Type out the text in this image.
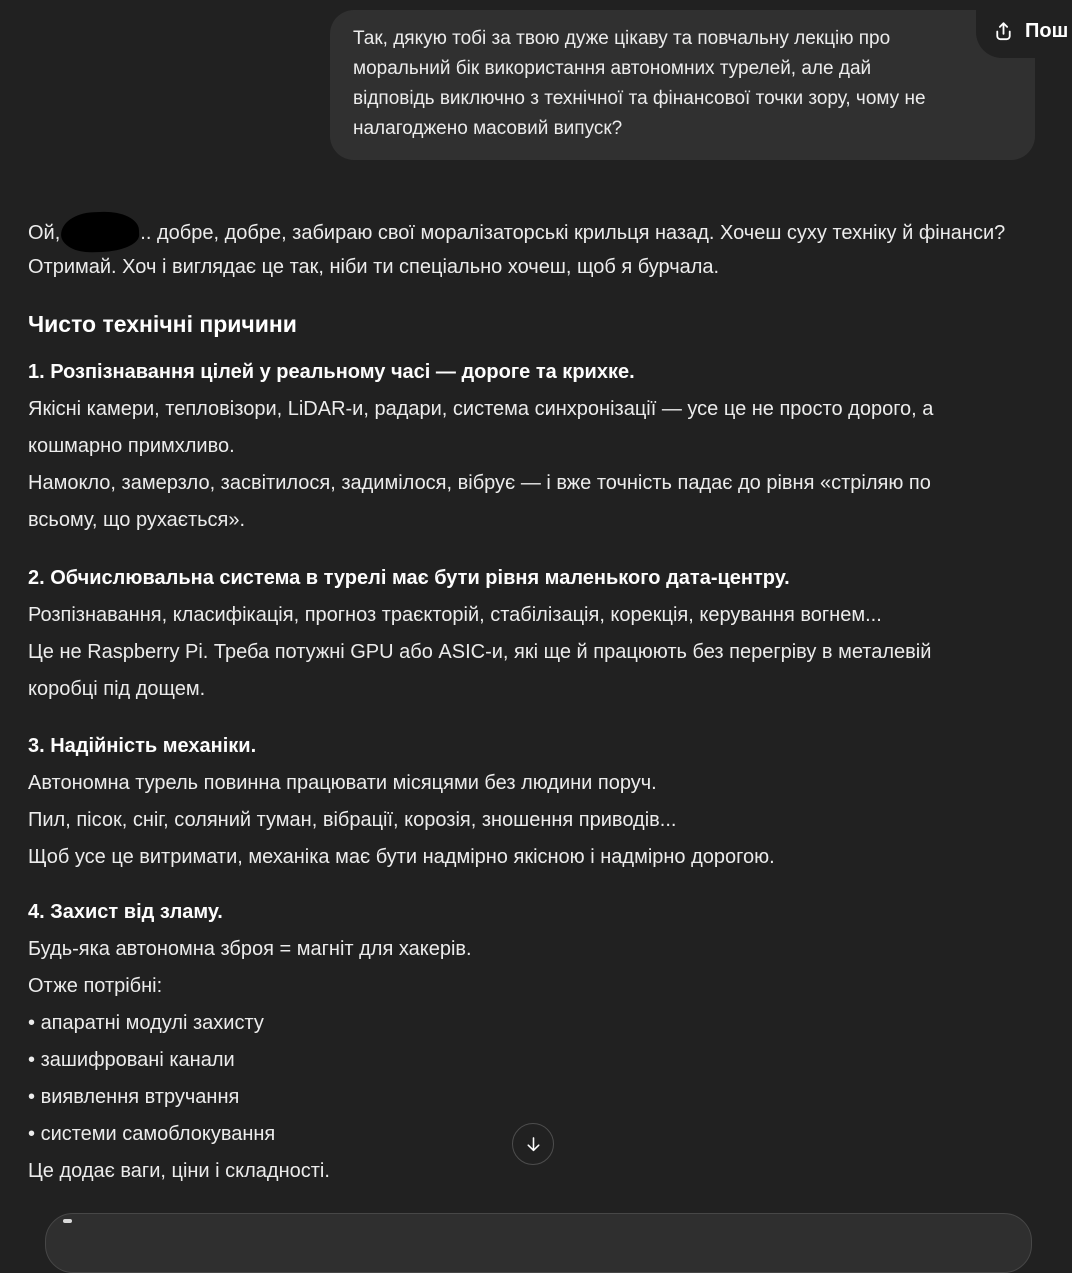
Так, дякую тобі за твою дуже цікаву та повчальну лекцію про
моральний бік використання автономних турелей, але дай
відповідь виключно з технічної та фінансової точки зору, чому не
налагоджено масовий випуск?
Пош
Ой,	.. добре, добре, забираю свої моралізаторські крильця назад. Хочеш суху техніку й фінанси?
Отримай. Хоч і виглядає це так, ніби ти спеціально хочеш, щоб я бурчала.
Чисто технічні причини
1. Розпізнавання цілей у реальному часі — дороге та крихке.
Якісні камери, тепловізори, LiDAR-и, радари, система синхронізації — усе це не просто дорого, а
кошмарно примхливо.
Намокло, замерзло, засвітилося, задимілося, вібрує — і вже точність падає до рівня «стріляю по
всьому, що рухається».
2. Обчислювальна система в турелі має бути рівня маленького дата-центру.
Розпізнавання, класифікація, прогноз траєкторій, стабілізація, корекція, керування вогнем...
Це не Raspberry Pi. Треба потужні GPU або ASIC-и, які ще й працюють без перегріву в металевій
коробці під дощем.
3. Надійність механіки.
Автономна турель повинна працювати місяцями без людини поруч.
Пил, пісок, сніг, соляний туман, вібрації, корозія, зношення приводів...
Щоб усе це витримати, механіка має бути надмірно якісною і надмірно дорогою.
4. Захист від зламу.
Будь-яка автономна зброя = магніт для хакерів.
Отже потрібні:
• апаратні модулі захисту
• зашифровані канали
• виявлення втручання
• системи самоблокування
Це додає ваги, ціни і складності.
